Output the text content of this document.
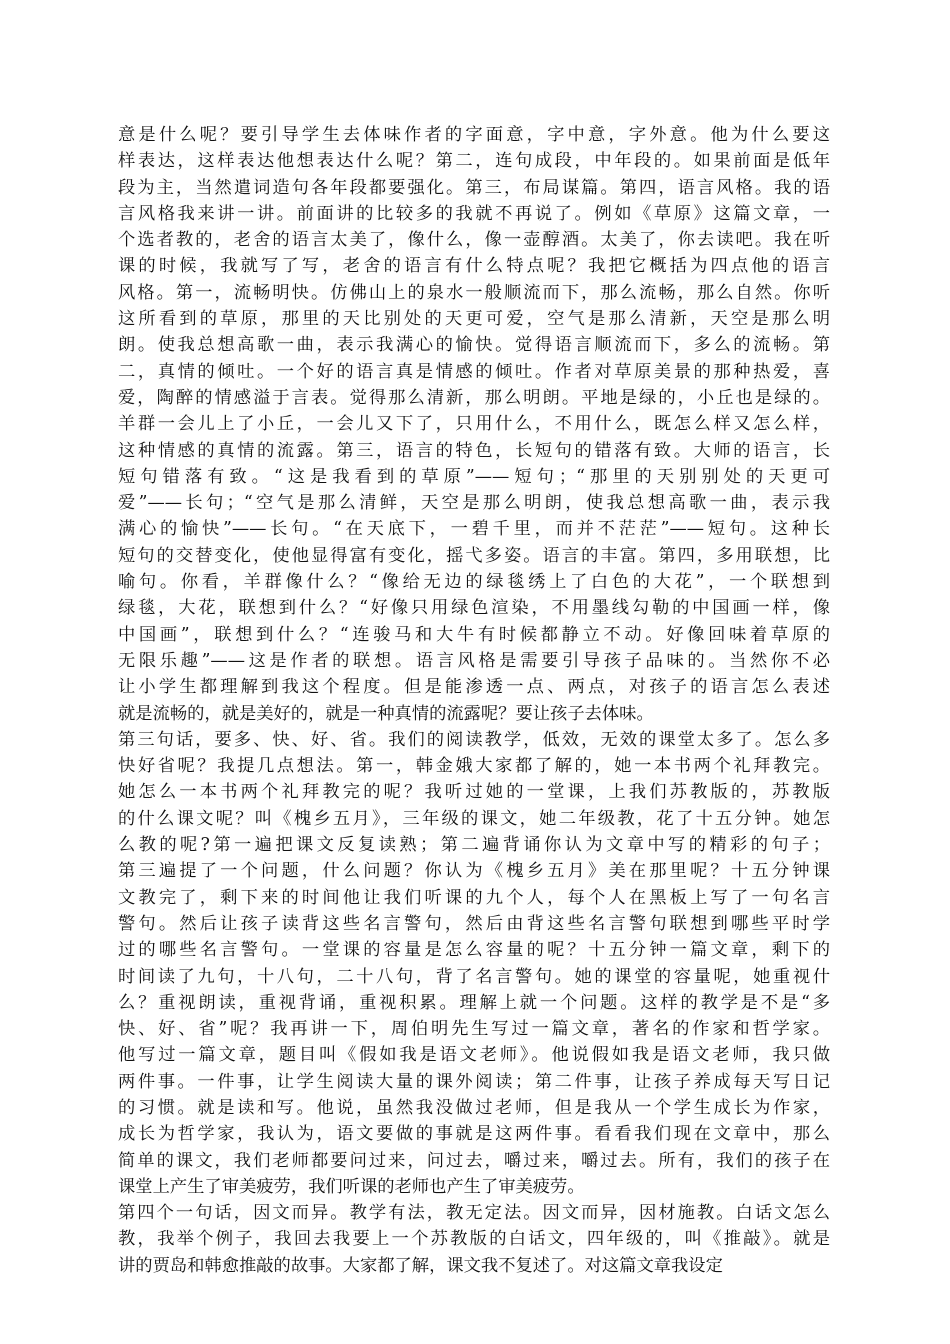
意是什么呢？要引导学生去体味作者的字面意，字中意，字外意。他为什么要这
样表达，这样表达他想表达什么呢？第二，连句成段，中年段的。如果前面是低年
段为主，当然遣词造句各年段都要强化。第三，布局谋篇。第四，语言风格。我的语
言风格我来讲一讲。前面讲的比较多的我就不再说了。例如《草原》这篇文章，一
个选者教的，老舍的语言太美了，像什么，像一壶醇酒。太美了，你去读吧。我在听
课的时候，我就写了写，老舍的语言有什么特点呢？我把它概括为四点他的语言
风格。第一，流畅明快。仿佛山上的泉水一般顺流而下，那么流畅，那么自然。你听
这所看到的草原，那里的天比别处的天更可爱，空气是那么清新，天空是那么明
朗。使我总想高歌一曲，表示我满心的愉快。觉得语言顺流而下，多么的流畅。第
二，真情的倾吐。一个好的语言真是情感的倾吐。作者对草原美景的那种热爱，喜
爱，陶醉的情感溢于言表。觉得那么清新，那么明朗。平地是绿的，小丘也是绿的。
羊群一会儿上了小丘，一会儿又下了，只用什么，不用什么，既怎么样又怎么样，
这种情感的真情的流露。第三，语言的特色，长短句的错落有致。大师的语言，长
短句错落有致。“这是我看到的草原”——短句；“那里的天别别处的天更可
爱”——长句；“空气是那么清鲜，天空是那么明朗，使我总想高歌一曲，表示我
满心的愉快”——长句。“在天底下，一碧千里，而并不茫茫”——短句。这种长
短句的交替变化，使他显得富有变化，摇弋多姿。语言的丰富。第四，多用联想，比
喻句。你看，羊群像什么？“像给无边的绿毯绣上了白色的大花”，一个联想到
绿毯，大花，联想到什么？“好像只用绿色渲染，不用墨线勾勒的中国画一样，像
中国画”，联想到什么？“连骏马和大牛有时候都静立不动。好像回味着草原的
无限乐趣”——这是作者的联想。语言风格是需要引导孩子品味的。当然你不必
让小学生都理解到我这个程度。但是能渗透一点、两点，对孩子的语言怎么表述
就是流畅的，就是美好的，就是一种真情的流露呢？要让孩子去体味。
第三句话，要多、快、好、省。我们的阅读教学，低效，无效的课堂太多了。怎么多
快好省呢？我提几点想法。第一，韩金娥大家都了解的，她一本书两个礼拜教完。
她怎么一本书两个礼拜教完的呢？我听过她的一堂课，上我们苏教版的，苏教版
的什么课文呢？叫《槐乡五月》，三年级的课文，她二年级教，花了十五分钟。她怎
么教的呢?第一遍把课文反复读熟；第二遍背诵你认为文章中写的精彩的句子；
第三遍提了一个问题，什么问题？你认为《槐乡五月》美在那里呢？十五分钟课
文教完了，剩下来的时间他让我们听课的九个人，每个人在黑板上写了一句名言
警句。然后让孩子读背这些名言警句，然后由背这些名言警句联想到哪些平时学
过的哪些名言警句。一堂课的容量是怎么容量的呢？十五分钟一篇文章，剩下的
时间读了九句，十八句，二十八句，背了名言警句。她的课堂的容量呢，她重视什
么？重视朗读，重视背诵，重视积累。理解上就一个问题。这样的教学是不是“多
快、好、省”呢？我再讲一下，周伯明先生写过一篇文章，著名的作家和哲学家。
他写过一篇文章，题目叫《假如我是语文老师》。他说假如我是语文老师，我只做
两件事。一件事，让学生阅读大量的课外阅读；第二件事，让孩子养成每天写日记
的习惯。就是读和写。他说，虽然我没做过老师，但是我从一个学生成长为作家，
成长为哲学家，我认为，语文要做的事就是这两件事。看看我们现在文章中，那么
简单的课文，我们老师都要问过来，问过去，嚼过来，嚼过去。所有，我们的孩子在
课堂上产生了审美疲劳，我们听课的老师也产生了审美疲劳。
第四个一句话，因文而异。教学有法，教无定法。因文而异，因材施教。白话文怎么
教，我举个例子，我回去我要上一个苏教版的白话文，四年级的，叫《推敲》。就是
讲的贾岛和韩愈推敲的故事。大家都了解，课文我不复述了。对这篇文章我设定
